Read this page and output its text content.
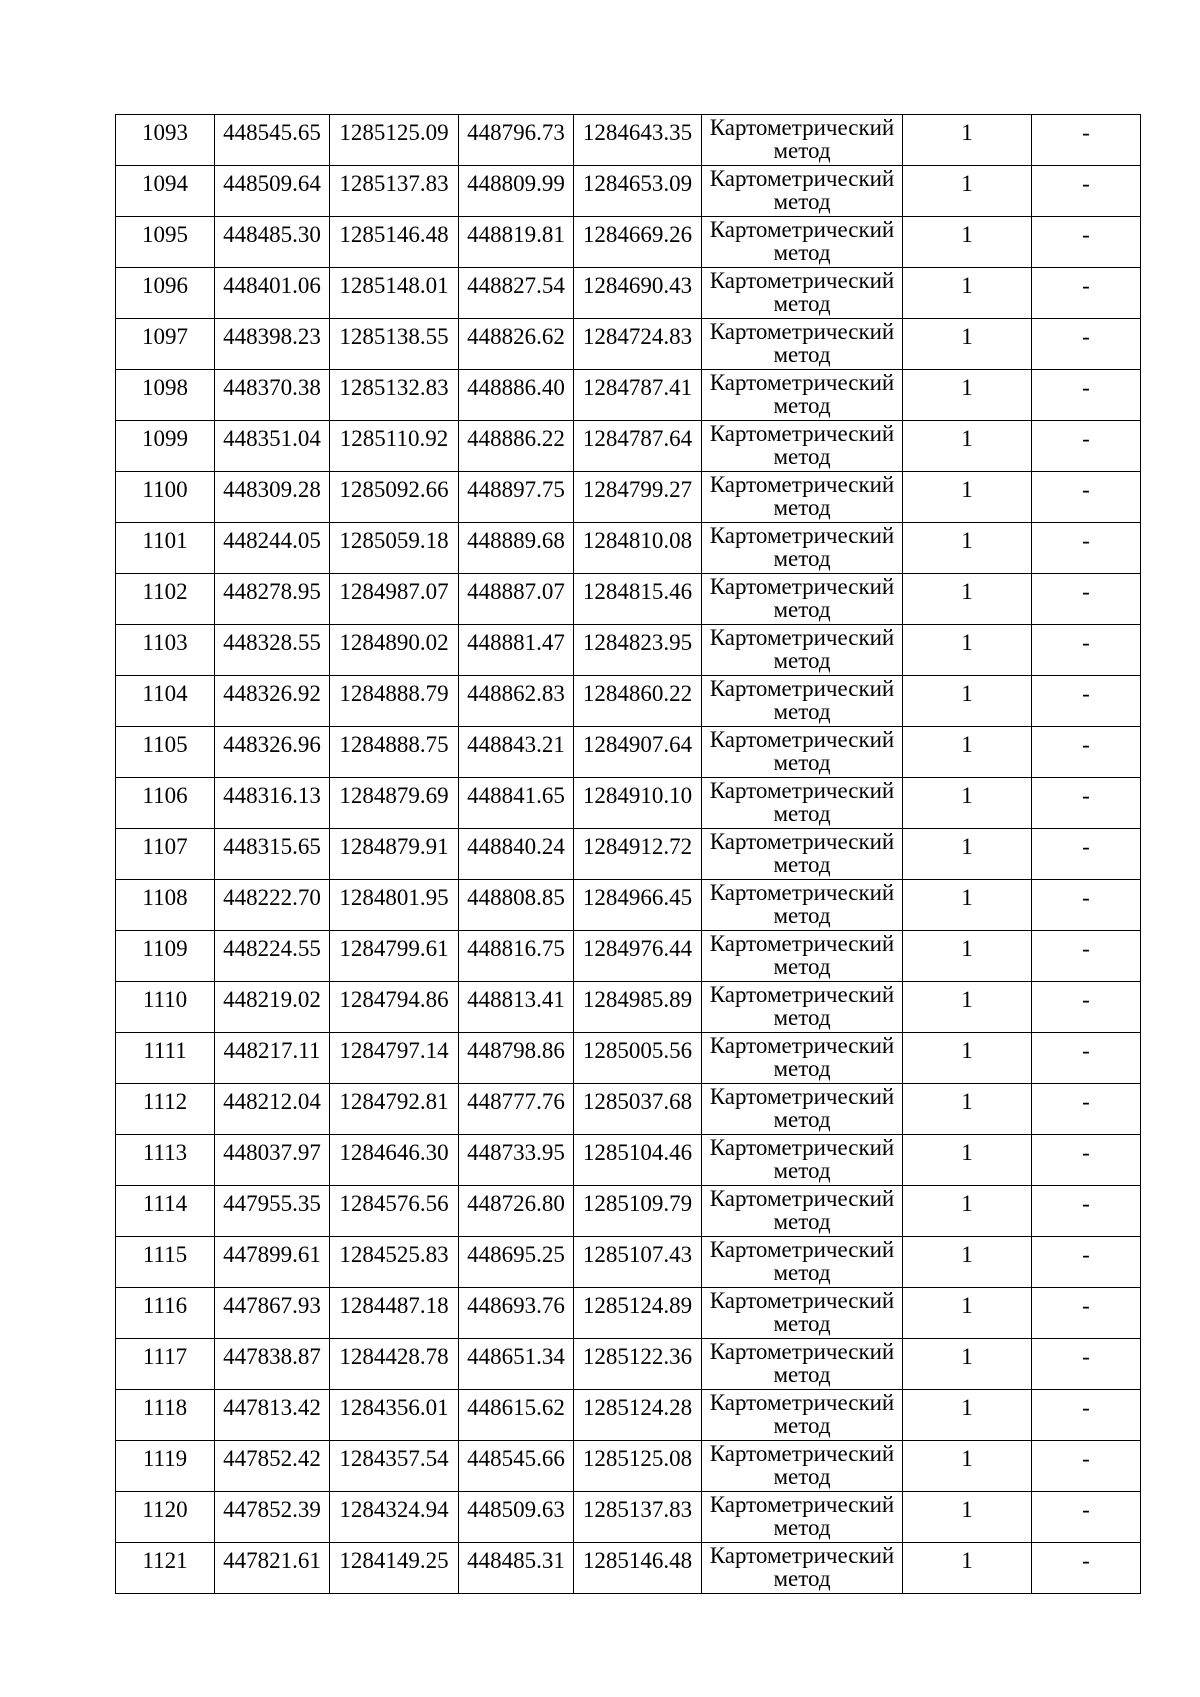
1093	448545.65	1285125.09	448796.73	1284643.35	Картометрический метод	1	-

1094	448509.64	1285137.83	448809.99	1284653.09	Картометрический метод	1	-

1095	448485.30	1285146.48	448819.81	1284669.26	Картометрический метод	1	-

1096	448401.06	1285148.01	448827.54	1284690.43	Картометрический метод	1	-

1097	448398.23	1285138.55	448826.62	1284724.83	Картометрический метод	1	-

1098	448370.38	1285132.83	448886.40	1284787.41	Картометрический метод	1	-

1099	448351.04	1285110.92	448886.22	1284787.64	Картометрический метод	1	-

1100	448309.28	1285092.66	448897.75	1284799.27	Картометрический метод	1	-

1101	448244.05	1285059.18	448889.68	1284810.08	Картометрический метод	1	-

1102	448278.95	1284987.07	448887.07	1284815.46	Картометрический метод	1	-

1103	448328.55	1284890.02	448881.47	1284823.95	Картометрический метод	1	-

1104	448326.92	1284888.79	448862.83	1284860.22	Картометрический метод	1	-

1105	448326.96	1284888.75	448843.21	1284907.64	Картометрический метод	1	-

1106	448316.13	1284879.69	448841.65	1284910.10	Картометрический метод	1	-

1107	448315.65	1284879.91	448840.24	1284912.72	Картометрический метод	1	-

1108	448222.70	1284801.95	448808.85	1284966.45	Картометрический метод	1	-

1109	448224.55	1284799.61	448816.75	1284976.44	Картометрический метод	1	-

1110	448219.02	1284794.86	448813.41	1284985.89	Картометрический метод	1	-

1111	448217.11	1284797.14	448798.86	1285005.56	Картометрический метод	1	-

1112	448212.04	1284792.81	448777.76	1285037.68	Картометрический метод	1	-

1113	448037.97	1284646.30	448733.95	1285104.46	Картометрический метод	1	-

1114	447955.35	1284576.56	448726.80	1285109.79	Картометрический метод	1	-

1115	447899.61	1284525.83	448695.25	1285107.43	Картометрический метод	1	-

1116	447867.93	1284487.18	448693.76	1285124.89	Картометрический метод	1	-

1117	447838.87	1284428.78	448651.34	1285122.36	Картометрический метод	1	-

1118	447813.42	1284356.01	448615.62	1285124.28	Картометрический метод	1	-

1119	447852.42	1284357.54	448545.66	1285125.08	Картометрический метод	1	-

1120	447852.39	1284324.94	448509.63	1285137.83	Картометрический метод	1	-

1121	447821.61	1284149.25	448485.31	1285146.48	Картометрический метод	1	-
